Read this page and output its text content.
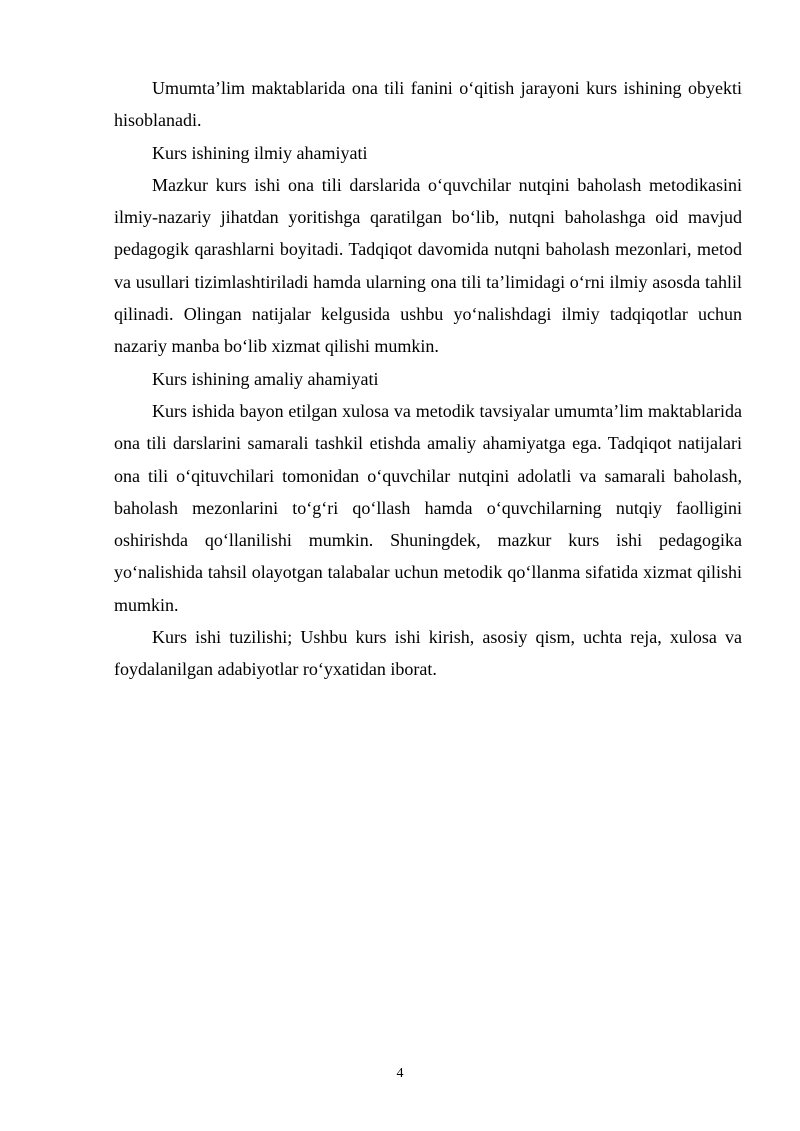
Umumta’lim maktablarida ona tili fanini o‘qitish jarayoni kurs ishining obyekti hisoblanadi.

Kurs ishining ilmiy ahamiyati

Mazkur kurs ishi ona tili darslarida o‘quvchilar nutqini baholash metodikasini ilmiy-nazariy jihatdan yoritishga qaratilgan bo‘lib, nutqni baholashga oid mavjud pedagogik qarashlarni boyitadi. Tadqiqot davomida nutqni baholash mezonlari, metod va usullari tizimlashtiriladi hamda ularning ona tili ta’limidagi o‘rni ilmiy asosda tahlil qilinadi. Olingan natijalar kelgusida ushbu yo‘nalishdagi ilmiy tadqiqotlar uchun nazariy manba bo‘lib xizmat qilishi mumkin.

Kurs ishining amaliy ahamiyati

Kurs ishida bayon etilgan xulosa va metodik tavsiyalar umumta’lim maktablarida ona tili darslarini samarali tashkil etishda amaliy ahamiyatga ega. Tadqiqot natijalari ona tili o‘qituvchilari tomonidan o‘quvchilar nutqini adolatli va samarali baholash, baholash mezonlarini to‘g‘ri qo‘llash hamda o‘quvchilarning nutqiy faolligini oshirishda qo‘llanilishi mumkin. Shuningdek, mazkur kurs ishi pedagogika yo‘nalishida tahsil olayotgan talabalar uchun metodik qo‘llanma sifatida xizmat qilishi mumkin.

Kurs ishi tuzilishi; Ushbu kurs ishi kirish, asosiy qism, uchta reja, xulosa va foydalanilgan adabiyotlar ro‘yxatidan iborat.

4
